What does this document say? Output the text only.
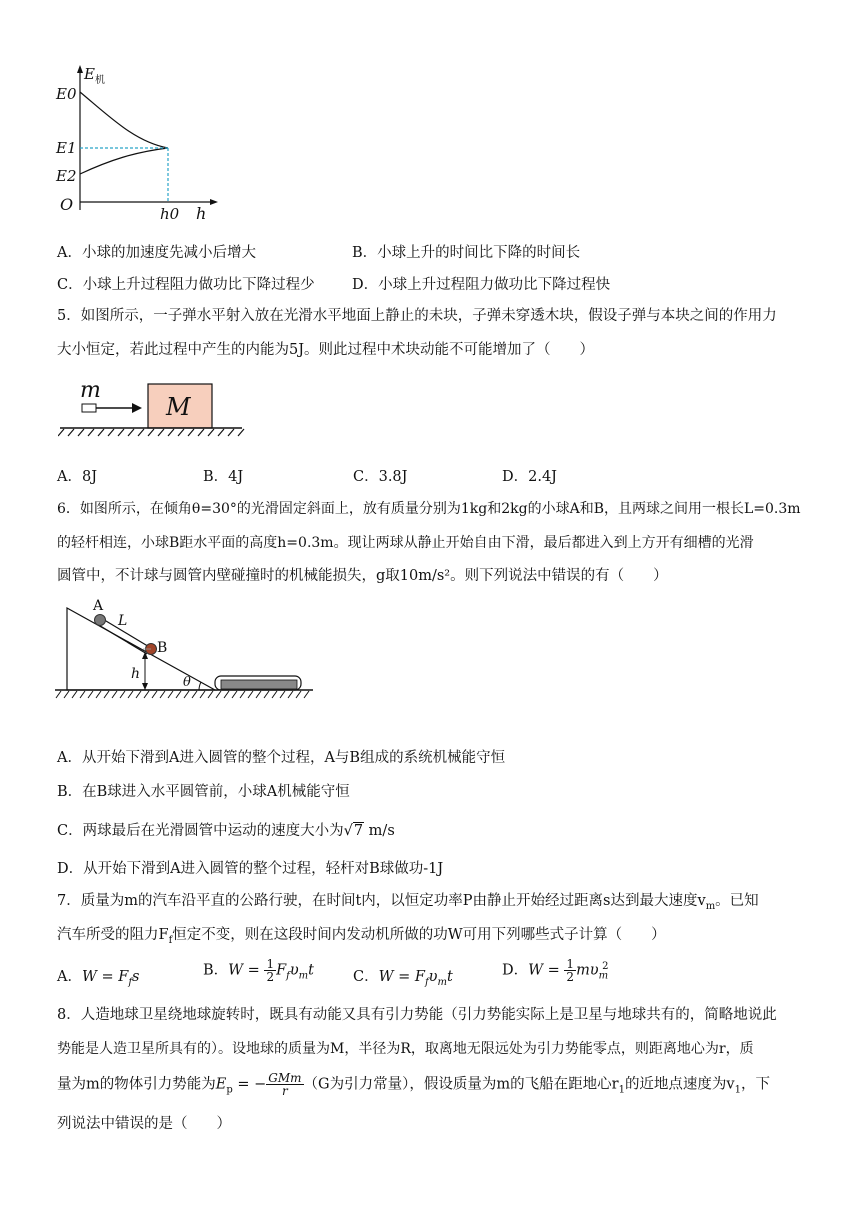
$E_机$
E0
E1
E2
O	h0 h
A．小球的加速度先减小后增大	B．小球上升的时间比下降的时间长
C．小球上升过程阻力做功比下降过程少	D．小球上升过程阻力做功比下降过程快
5．如图所示，一子弹水平射入放在光滑水平地面上静止的未块，子弹未穿透木块，假设子弹与本块之间的作用力
大小恒定，若此过程中产生的内能为5J。则此过程中术块动能不可能增加了（　　）
m
M
A．8J	B．4J	C．3.8J	D．2.4J
6．如图所示，在倾角θ=30°的光滑固定斜面上，放有质量分别为1kg和2kg的小球A和B，且两球之间用一根长L=0.3m
的轻杆相连，小球B距水平面的高度h=0.3m。现让两球从静止开始自由下滑，最后都进入到上方开有细槽的光滑
圆管中，不计球与圆管内壁碰撞时的机械能损失，g取10m/s²。则下列说法中错误的有（　　）
A
B
L
h
θ
A．从开始下滑到A进入圆管的整个过程，A与B组成的系统机械能守恒
B．在B球进入水平圆管前，小球A机械能守恒
C．两球最后在光滑圆管中运动的速度大小为√7 m/s
D．从开始下滑到A进入圆管的整个过程，轻杆对B球做功-1J
7．质量为m的汽车沿平直的公路行驶，在时间t内，以恒定功率P由静止开始经过距离s达到最大速度$v_m$。已知
汽车所受的阻力$F_f$恒定不变，则在这段时间内发动机所做的功W可用下列哪些式子计算（　　）
A．$W = F_fs$	B．$W = \frac{1}{2} F_f\upsilon_mt$	C．$W = F_f\upsilon_mt$	D．$W = \frac{1}{2} m\upsilon_m^2$
8．人造地球卫星绕地球旋转时，既具有动能又具有引力势能（引力势能实际上是卫星与地球共有的，简略地说此
势能是人造卫星所具有的）。设地球的质量为M，半径为R，取离地无限远处为引力势能零点，则距离地心为r，质
量为m的物体引力势能为$E_p$ = − $\frac{\text{GMm}}{r} (G$为引力常量），假设质量为m的飞船在距地心$r_1$的近地点速度为$v_1$，下
列说法中错误的是（　　）
